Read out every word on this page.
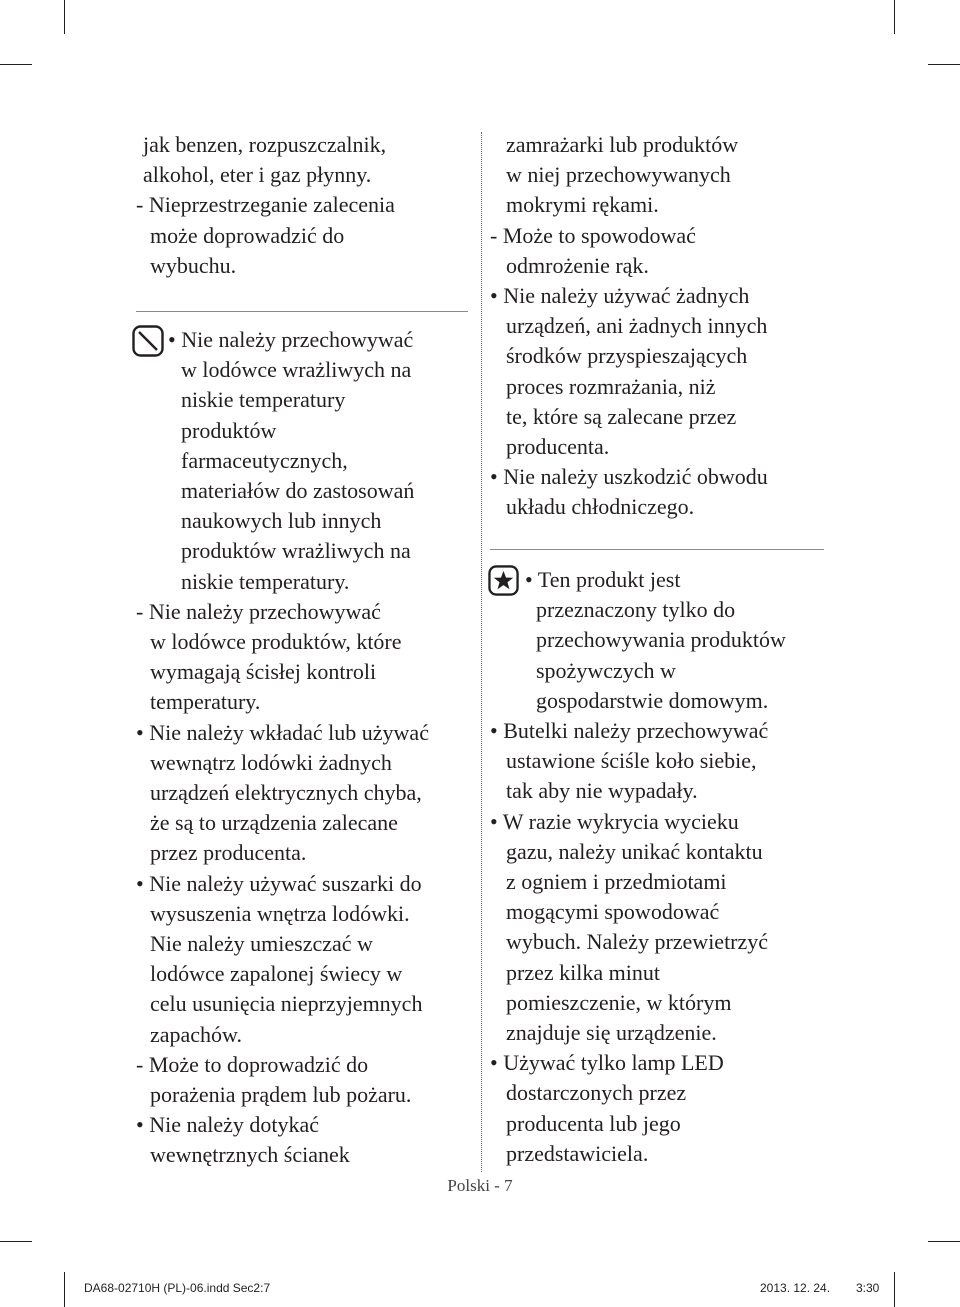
jak benzen, rozpuszczalnik,
alkohol, eter i gaz płynny.
- Nieprzestrzeganie zalecenia
może doprowadzić do
wybuchu.
• Nie należy przechowywać
w lodówce wrażliwych na
niskie temperatury
produktów
farmaceutycznych,
materiałów do zastosowań
naukowych lub innych
produktów wrażliwych na
niskie temperatury.
- Nie należy przechowywać
w lodówce produktów, które
wymagają ścisłej kontroli
temperatury.
• Nie należy wkładać lub używać
wewnątrz lodówki żadnych
urządzeń elektrycznych chyba,
że są to urządzenia zalecane
przez producenta.
• Nie należy używać suszarki do
wysuszenia wnętrza lodówki.
Nie należy umieszczać w
lodówce zapalonej świecy w
celu usunięcia nieprzyjemnych
zapachów.
- Może to doprowadzić do
porażenia prądem lub pożaru.
• Nie należy dotykać
wewnętrznych ścianek
zamrażarki lub produktów
w niej przechowywanych
mokrymi rękami.
- Może to spowodować
odmrożenie rąk.
• Nie należy używać żadnych
urządzeń, ani żadnych innych
środków przyspieszających
proces rozmrażania, niż
te, które są zalecane przez
producenta.
• Nie należy uszkodzić obwodu
układu chłodniczego.
• Ten produkt jest
przeznaczony tylko do
przechowywania produktów
spożywczych w
gospodarstwie domowym.
• Butelki należy przechowywać
ustawione ściśle koło siebie,
tak aby nie wypadały.
• W razie wykrycia wycieku
gazu, należy unikać kontaktu
z ogniem i przedmiotami
mogącymi spowodować
wybuch. Należy przewietrzyć
przez kilka minut
pomieszczenie, w którym
znajduje się urządzenie.
• Używać tylko lamp LED
dostarczonych przez
producenta lub jego
przedstawiciela.
Polski - 7
DA68-02710H (PL)-06.indd Sec2:7	2013. 12. 24. 3:30
